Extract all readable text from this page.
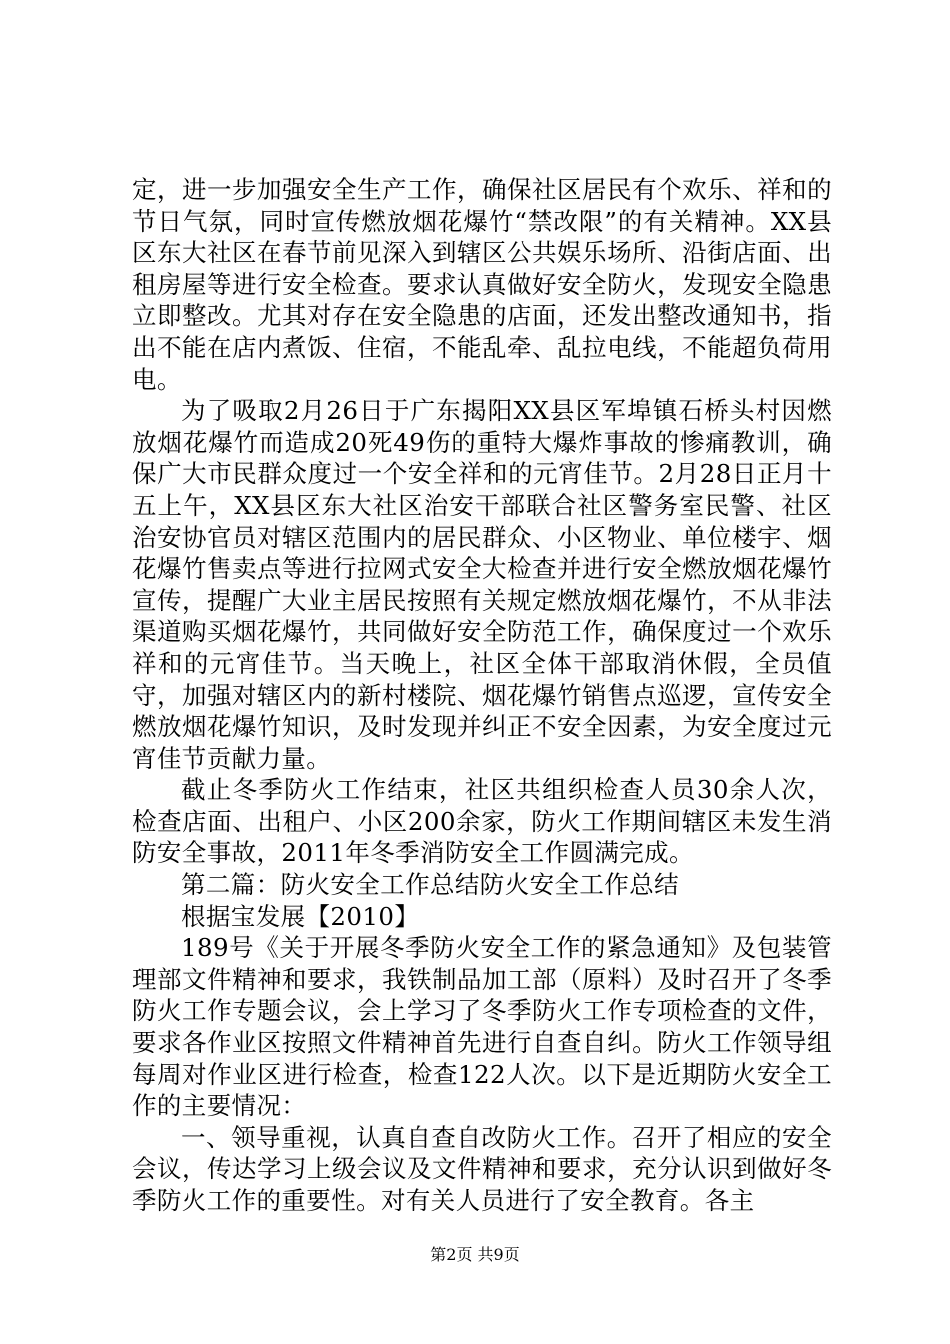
定，进一步加强安全生产工作，确保社区居民有个欢乐、祥和的节日气氛，同时宣传燃放烟花爆竹“禁改限”的有关精神。XX县区东大社区在春节前见深入到辖区公共娱乐场所、沿街店面、出租房屋等进行安全检查。要求认真做好安全防火，发现安全隐患立即整改。尤其对存在安全隐患的店面，还发出整改通知书，指出不能在店内煮饭、住宿，不能乱牵、乱拉电线，不能超负荷用电。

为了吸取2月26日于广东揭阳XX县区军埠镇石桥头村因燃放烟花爆竹而造成20死49伤的重特大爆炸事故的惨痛教训，确保广大市民群众度过一个安全祥和的元宵佳节。2月28日正月十五上午，XX县区东大社区治安干部联合社区警务室民警、社区治安协官员对辖区范围内的居民群众、小区物业、单位楼宇、烟花爆竹售卖点等进行拉网式安全大检查并进行安全燃放烟花爆竹宣传，提醒广大业主居民按照有关规定燃放烟花爆竹，不从非法渠道购买烟花爆竹，共同做好安全防范工作，确保度过一个欢乐祥和的元宵佳节。当天晚上，社区全体干部取消休假，全员值守，加强对辖区内的新村楼院、烟花爆竹销售点巡逻，宣传安全燃放烟花爆竹知识，及时发现并纠正不安全因素，为安全度过元宵佳节贡献力量。

截止冬季防火工作结束，社区共组织检查人员30余人次，检查店面、出租户、小区200余家，防火工作期间辖区未发生消防安全事故，2011年冬季消防安全工作圆满完成。

第二篇：防火安全工作总结防火安全工作总结

根据宝发展【2010】

189号《关于开展冬季防火安全工作的紧急通知》及包装管理部文件精神和要求，我铁制品加工部（原料）及时召开了冬季防火工作专题会议，会上学习了冬季防火工作专项检查的文件，要求各作业区按照文件精神首先进行自查自纠。防火工作领导组每周对作业区进行检查，检查122人次。以下是近期防火安全工作的主要情况：

一、领导重视，认真自查自改防火工作。召开了相应的安全会议，传达学习上级会议及文件精神和要求，充分认识到做好冬季防火工作的重要性。对有关人员进行了安全教育。各主

第2页 共9页
